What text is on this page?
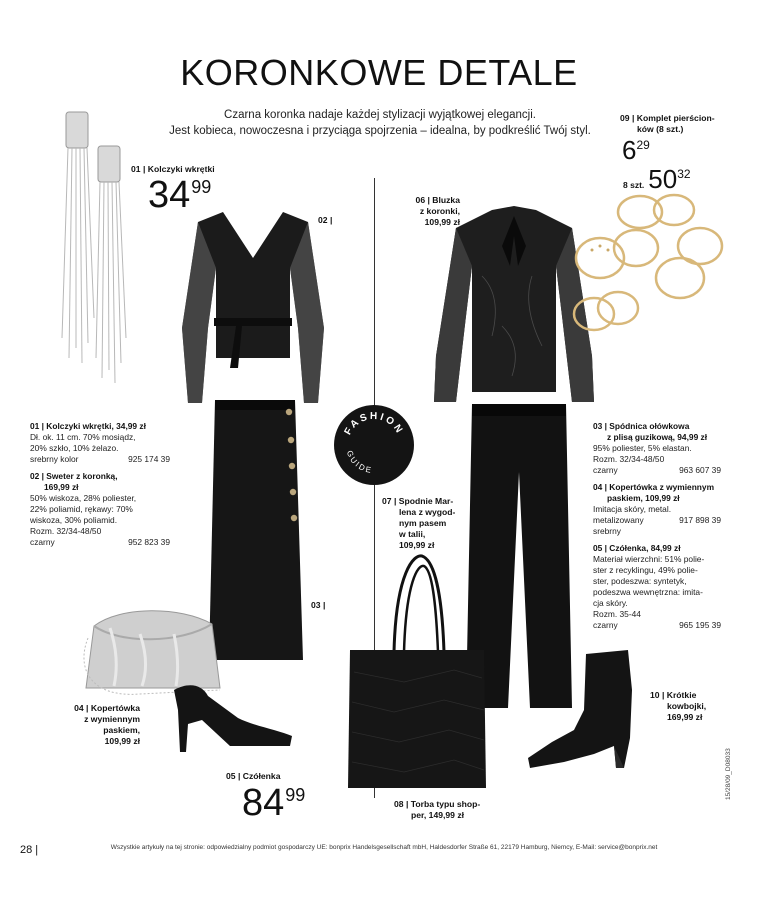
KORONKOWE DETALE
Czarna koronka nadaje każdej stylizacji wyjątkowej elegancji.
Jest kobieca, nowoczesna i przyciąga spojrzenia – idealna, by podkreślić Twój styl.
01 | Kolczyki wkrętki
$34^{99}$
02 |
03 |
01 | Kolczyki wkrętki, 34,99 zł
Dł. ok. 11 cm. 70% mosiądz,
20% szkło, 10% żelazo.
srebrny kolor	925 174 39
02 | Sweter z koronką,
169,99 zł
50% wiskoza, 28% poliester,
22% poliamid, rękawy: 70%
wiskoza, 30% poliamid.
Rozm. 32/34-48/50
czarny	952 823 39
04 | Kopertówka
z wymiennym
paskiem,
109,99 zł
05 | Czółenka
$84^{99}$
FASHION
GUIDE
06 | Bluzka
z koronki,
109,99 zł
07 | Spodnie Mar-
lena z wygod-
nym pasem
w talii,
109,99 zł
08 | Torba typu shop-
per, 149,99 zł
09 | Komplet pierścion-
ków (8 szt.)
$6^{29}$
8 szt. $50^{32}$
03 | Spódnica ołówkowa
z plisą guzikową, 94,99 zł
95% poliester, 5% elastan.
Rozm. 32/34-48/50
czarny	963 607 39
04 | Kopertówka z wymiennym
paskiem, 109,99 zł
Imitacja skóry, metal.
metalizowany	917 898 39
srebrny
05 | Czółenka, 84,99 zł
Materiał wierzchni: 51% polie-
ster z recyklingu, 49% polie-
ster, podeszwa: syntetyk,
podeszwa wewnętrzna: imita-
cja skóry.
Rozm. 35-44
czarny	965 195 39
10 | Krótkie
kowbojki,
169,99 zł
28 |	Wszystkie artykuły na tej stronie: odpowiedzialny podmiot gospodarczy UE: bonprix Handelsgesellschaft mbH, Haldesdorfer Straße 61, 22179 Hamburg, Niemcy, E-Mail: service@bonprix.net
15/28/09_D08033
